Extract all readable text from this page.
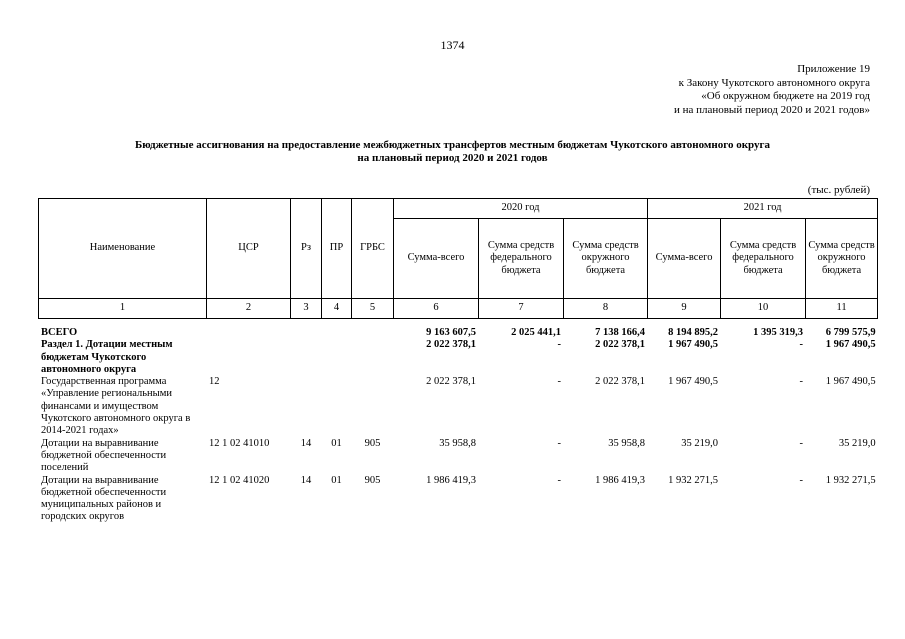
1374
Приложение 19
к Закону Чукотского автономного округа
«Об окружном бюджете на 2019 год
и на плановый период 2020 и 2021 годов»
Бюджетные ассигнования на предоставление межбюджетных трансфертов местным бюджетам Чукотского автономного округа
на плановый период 2020 и 2021 годов
(тыс. рублей)
Наименование	ЦСР	Рз	ПР	ГРБС	2020 год			2021 год		
					Сумма-всего	Сумма средств федерального бюджета	Сумма средств окружного бюджета	Сумма-всего	Сумма средств федерального бюджета	Сумма средств окружного бюджета
1	2	3	4	5	6	7	8	9	10	11

ВСЕГО					9 163 607,5	2 025 441,1	7 138 166,4	8 194 895,2	1 395 319,3	6 799 575,9
Раздел 1. Дотации местным бюджетам Чукотского автономного округа					2 022 378,1	-	2 022 378,1	1 967 490,5	-	1 967 490,5
Государственная программа «Управление региональными финансами и имуществом Чукотского автономного округа в 2014-2021 годах»	12				2 022 378,1	-	2 022 378,1	1 967 490,5	-	1 967 490,5
Дотации на выравнивание бюджетной обеспеченности поселений	12 1 02 41010	14	01	905	35 958,8	-	35 958,8	35 219,0	-	35 219,0
Дотации на выравнивание бюджетной обеспеченности муниципальных районов и городских округов	12 1 02 41020	14	01	905	1 986 419,3	-	1 986 419,3	1 932 271,5	-	1 932 271,5
